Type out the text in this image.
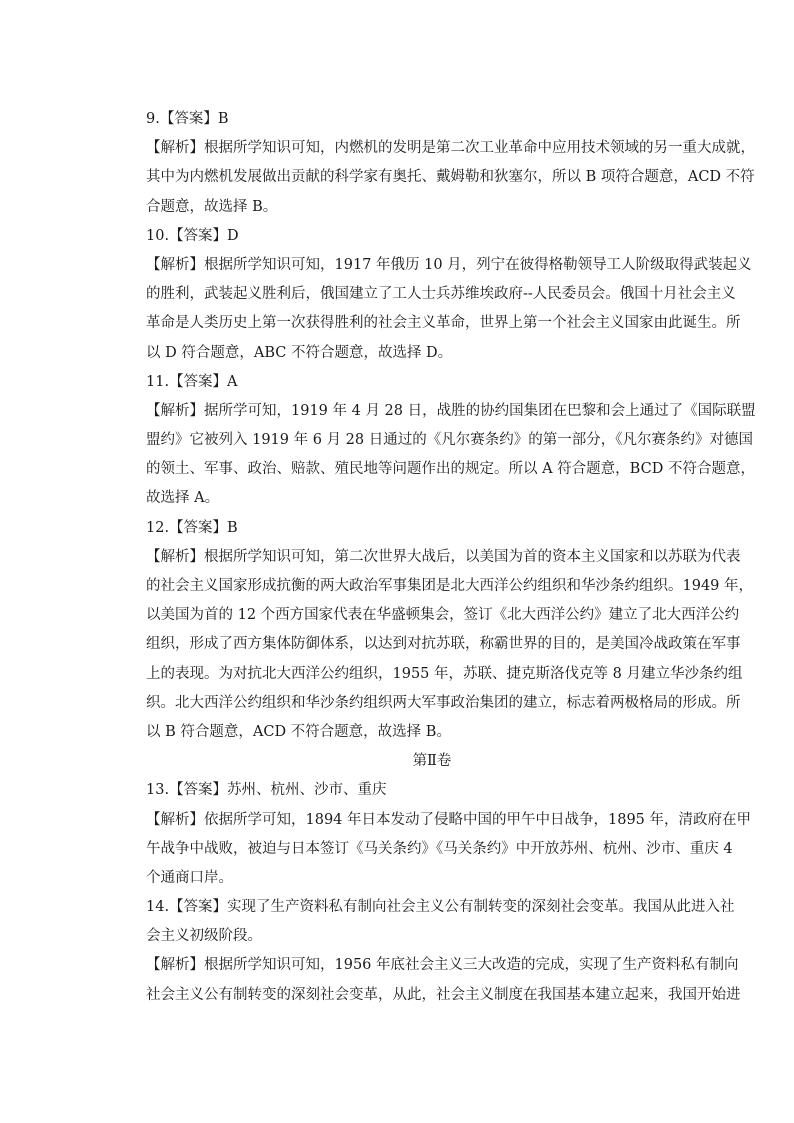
9.【答案】B
【解析】根据所学知识可知，内燃机的发明是第二次工业革命中应用技术领域的另一重大成就，
其中为内燃机发展做出贡献的科学家有奥托、戴姆勒和狄塞尔，所以 B 项符合题意，ACD 不符
合题意，故选择 B。
10.【答案】D
【解析】根据所学知识可知，1917 年俄历 10 月，列宁在彼得格勒领导工人阶级取得武装起义
的胜利，武装起义胜利后，俄国建立了工人士兵苏维埃政府--人民委员会。俄国十月社会主义
革命是人类历史上第一次获得胜利的社会主义革命，世界上第一个社会主义国家由此诞生。所
以 D 符合题意，ABC 不符合题意，故选择 D。
11.【答案】A
【解析】据所学可知，1919 年 4 月 28 日，战胜的协约国集团在巴黎和会上通过了《国际联盟
盟约》它被列入 1919 年 6 月 28 日通过的《凡尔赛条约》的第一部分，《凡尔赛条约》对德国
的领土、军事、政治、赔款、殖民地等问题作出的规定。所以 A 符合题意，BCD 不符合题意，
故选择 A。
12.【答案】B
【解析】根据所学知识可知，第二次世界大战后，以美国为首的资本主义国家和以苏联为代表
的社会主义国家形成抗衡的两大政治军事集团是北大西洋公约组织和华沙条约组织。1949 年，
以美国为首的 12 个西方国家代表在华盛顿集会，签订《北大西洋公约》建立了北大西洋公约
组织，形成了西方集体防御体系，以达到对抗苏联，称霸世界的目的，是美国冷战政策在军事
上的表现。为对抗北大西洋公约组织，1955 年，苏联、捷克斯洛伐克等 8 月建立华沙条约组
织。北大西洋公约组织和华沙条约组织两大军事政治集团的建立，标志着两极格局的形成。所
以 B 符合题意，ACD 不符合题意，故选择 B。
第Ⅱ卷
13.【答案】苏州、杭州、沙市、重庆
【解析】依据所学可知，1894 年日本发动了侵略中国的甲午中日战争，1895 年，清政府在甲
午战争中战败，被迫与日本签订《马关条约》《马关条约》中开放苏州、杭州、沙市、重庆 4
个通商口岸。
14.【答案】实现了生产资料私有制向社会主义公有制转变的深刻社会变革。我国从此进入社
会主义初级阶段。
【解析】根据所学知识可知，1956 年底社会主义三大改造的完成，实现了生产资料私有制向
社会主义公有制转变的深刻社会变革，从此，社会主义制度在我国基本建立起来，我国开始进
